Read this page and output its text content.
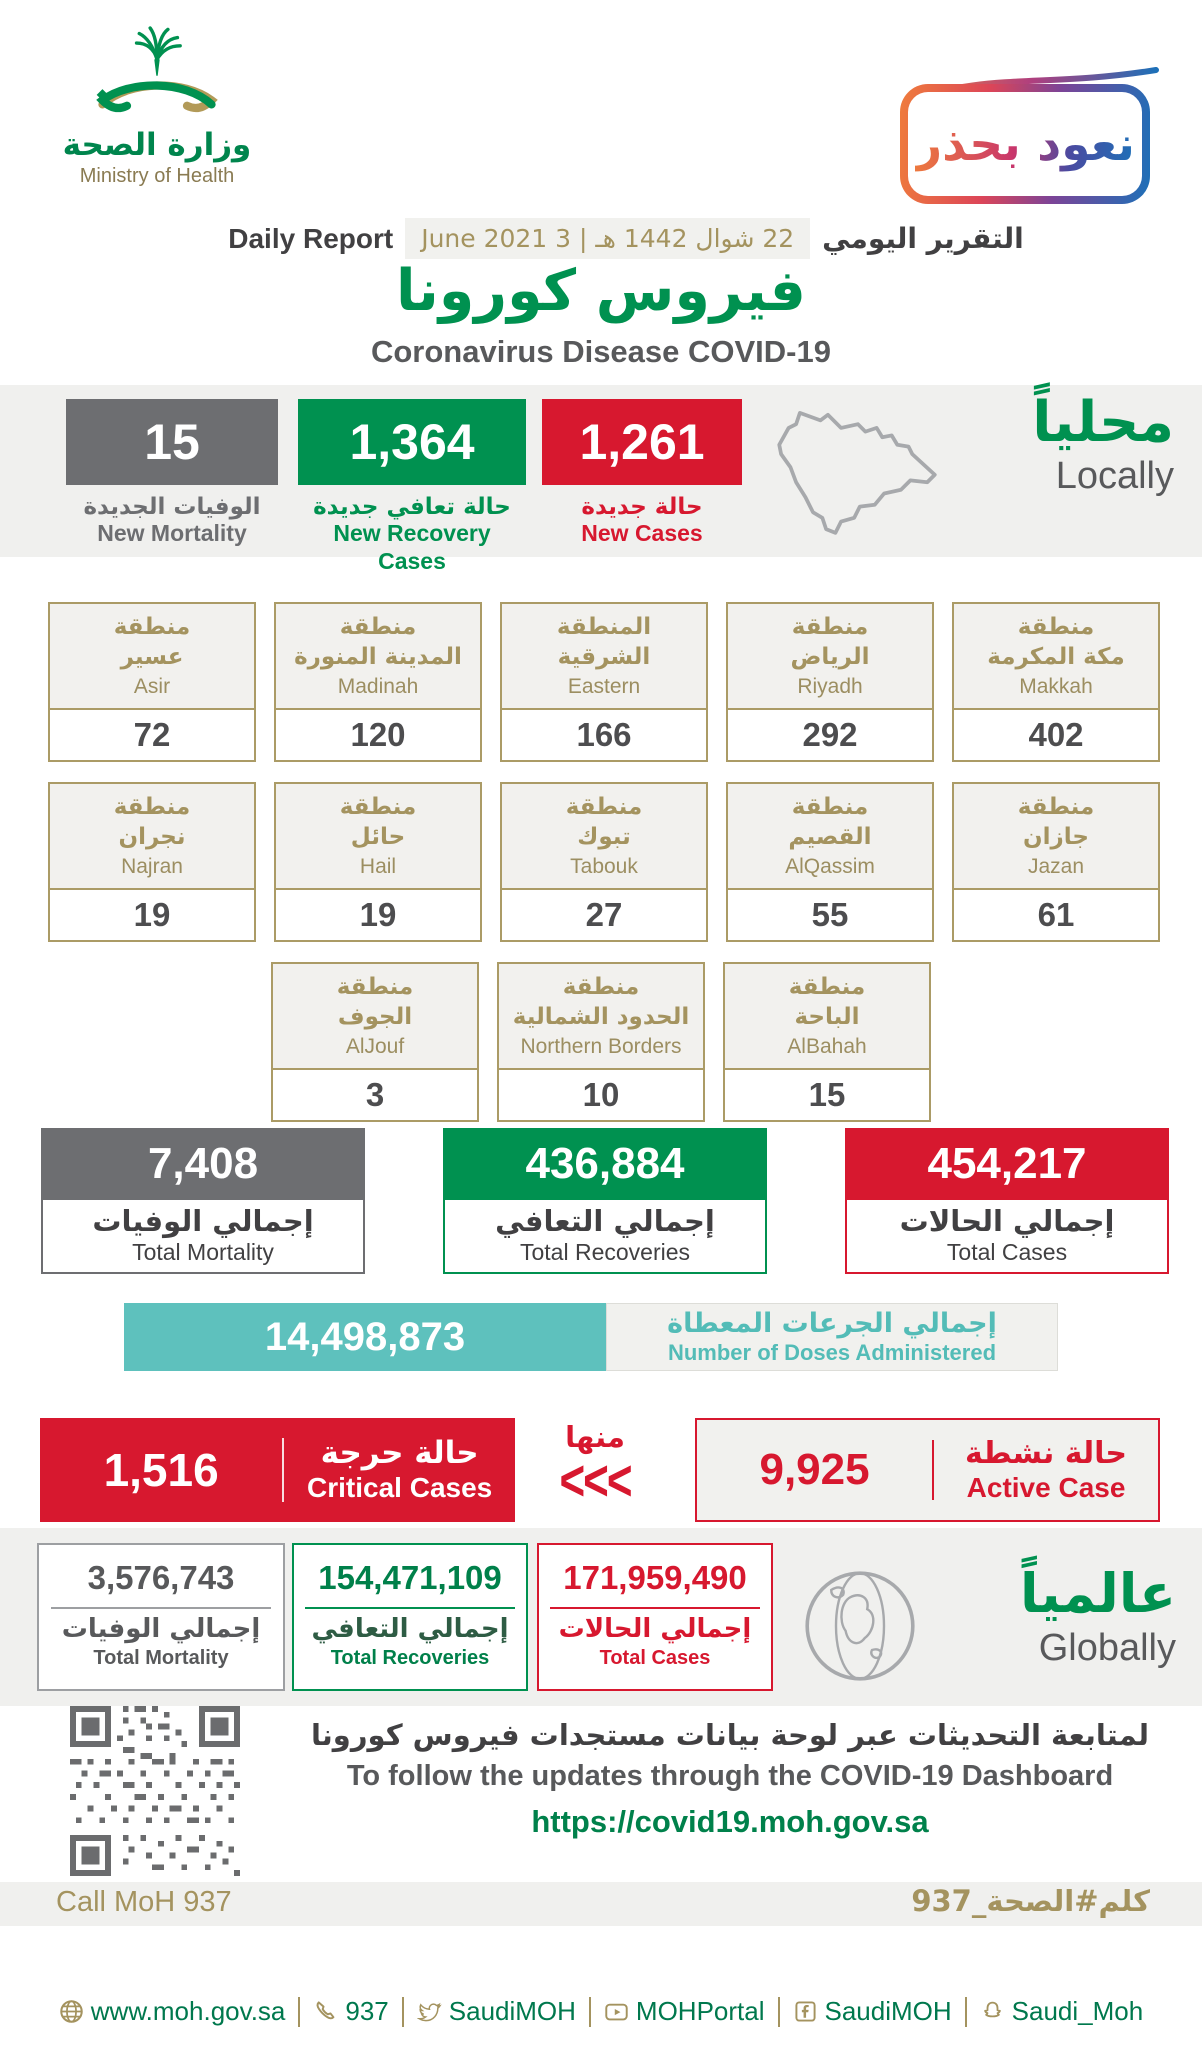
وزارة الصحة
Ministry of Health
نعود بحذر
Daily Report	22 شوال 1442 هـ | 3 June 2021	التقرير اليومي
فيروس كورونا
Coronavirus Disease COVID-19
15
الوفيات الجديدة
New Mortality
1,364
حالة تعافي جديدة
New Recovery Cases
1,261
حالة جديدة
New Cases
محلياً
Locally
منطقة
مكة المكرمة
Makkah
402
منطقة
الرياض
Riyadh
292
المنطقة
الشرقية
Eastern
166
منطقة
المدينة المنورة
Madinah
120
منطقة
عسير
Asir
72
منطقة
جازان
Jazan
61
منطقة
القصيم
AlQassim
55
منطقة
تبوك
Tabouk
27
منطقة
حائل
Hail
19
منطقة
نجران
Najran
19
منطقة
الباحة
AlBahah
15
منطقة
الحدود الشمالية
Northern Borders
10
منطقة
الجوف
AlJouf
3
7,408
إجمالي الوفيات
Total Mortality
436,884
إجمالي التعافي
Total Recoveries
454,217
إجمالي الحالات
Total Cases
14,498,873	إجمالي الجرعات المعطاة
Number of Doses Administered
1,516	حالة حرجة
Critical Cases
منها
<<<	9,925	حالة نشطة
Active Case
3,576,743
إجمالي الوفيات
Total Mortality
154,471,109
إجمالي التعافي
Total Recoveries
171,959,490
إجمالي الحالات
Total Cases
عالمياً
Globally
لمتابعة التحديثات عبر لوحة بيانات مستجدات فيروس كورونا
To follow the updates through the COVID-19 Dashboard
https://covid19.moh.gov.sa
Call MoH 937	كلم#الصحة_937
www.moh.gov.sa 937 SaudiMOH MOHPortal SaudiMOH Saudi_Moh
